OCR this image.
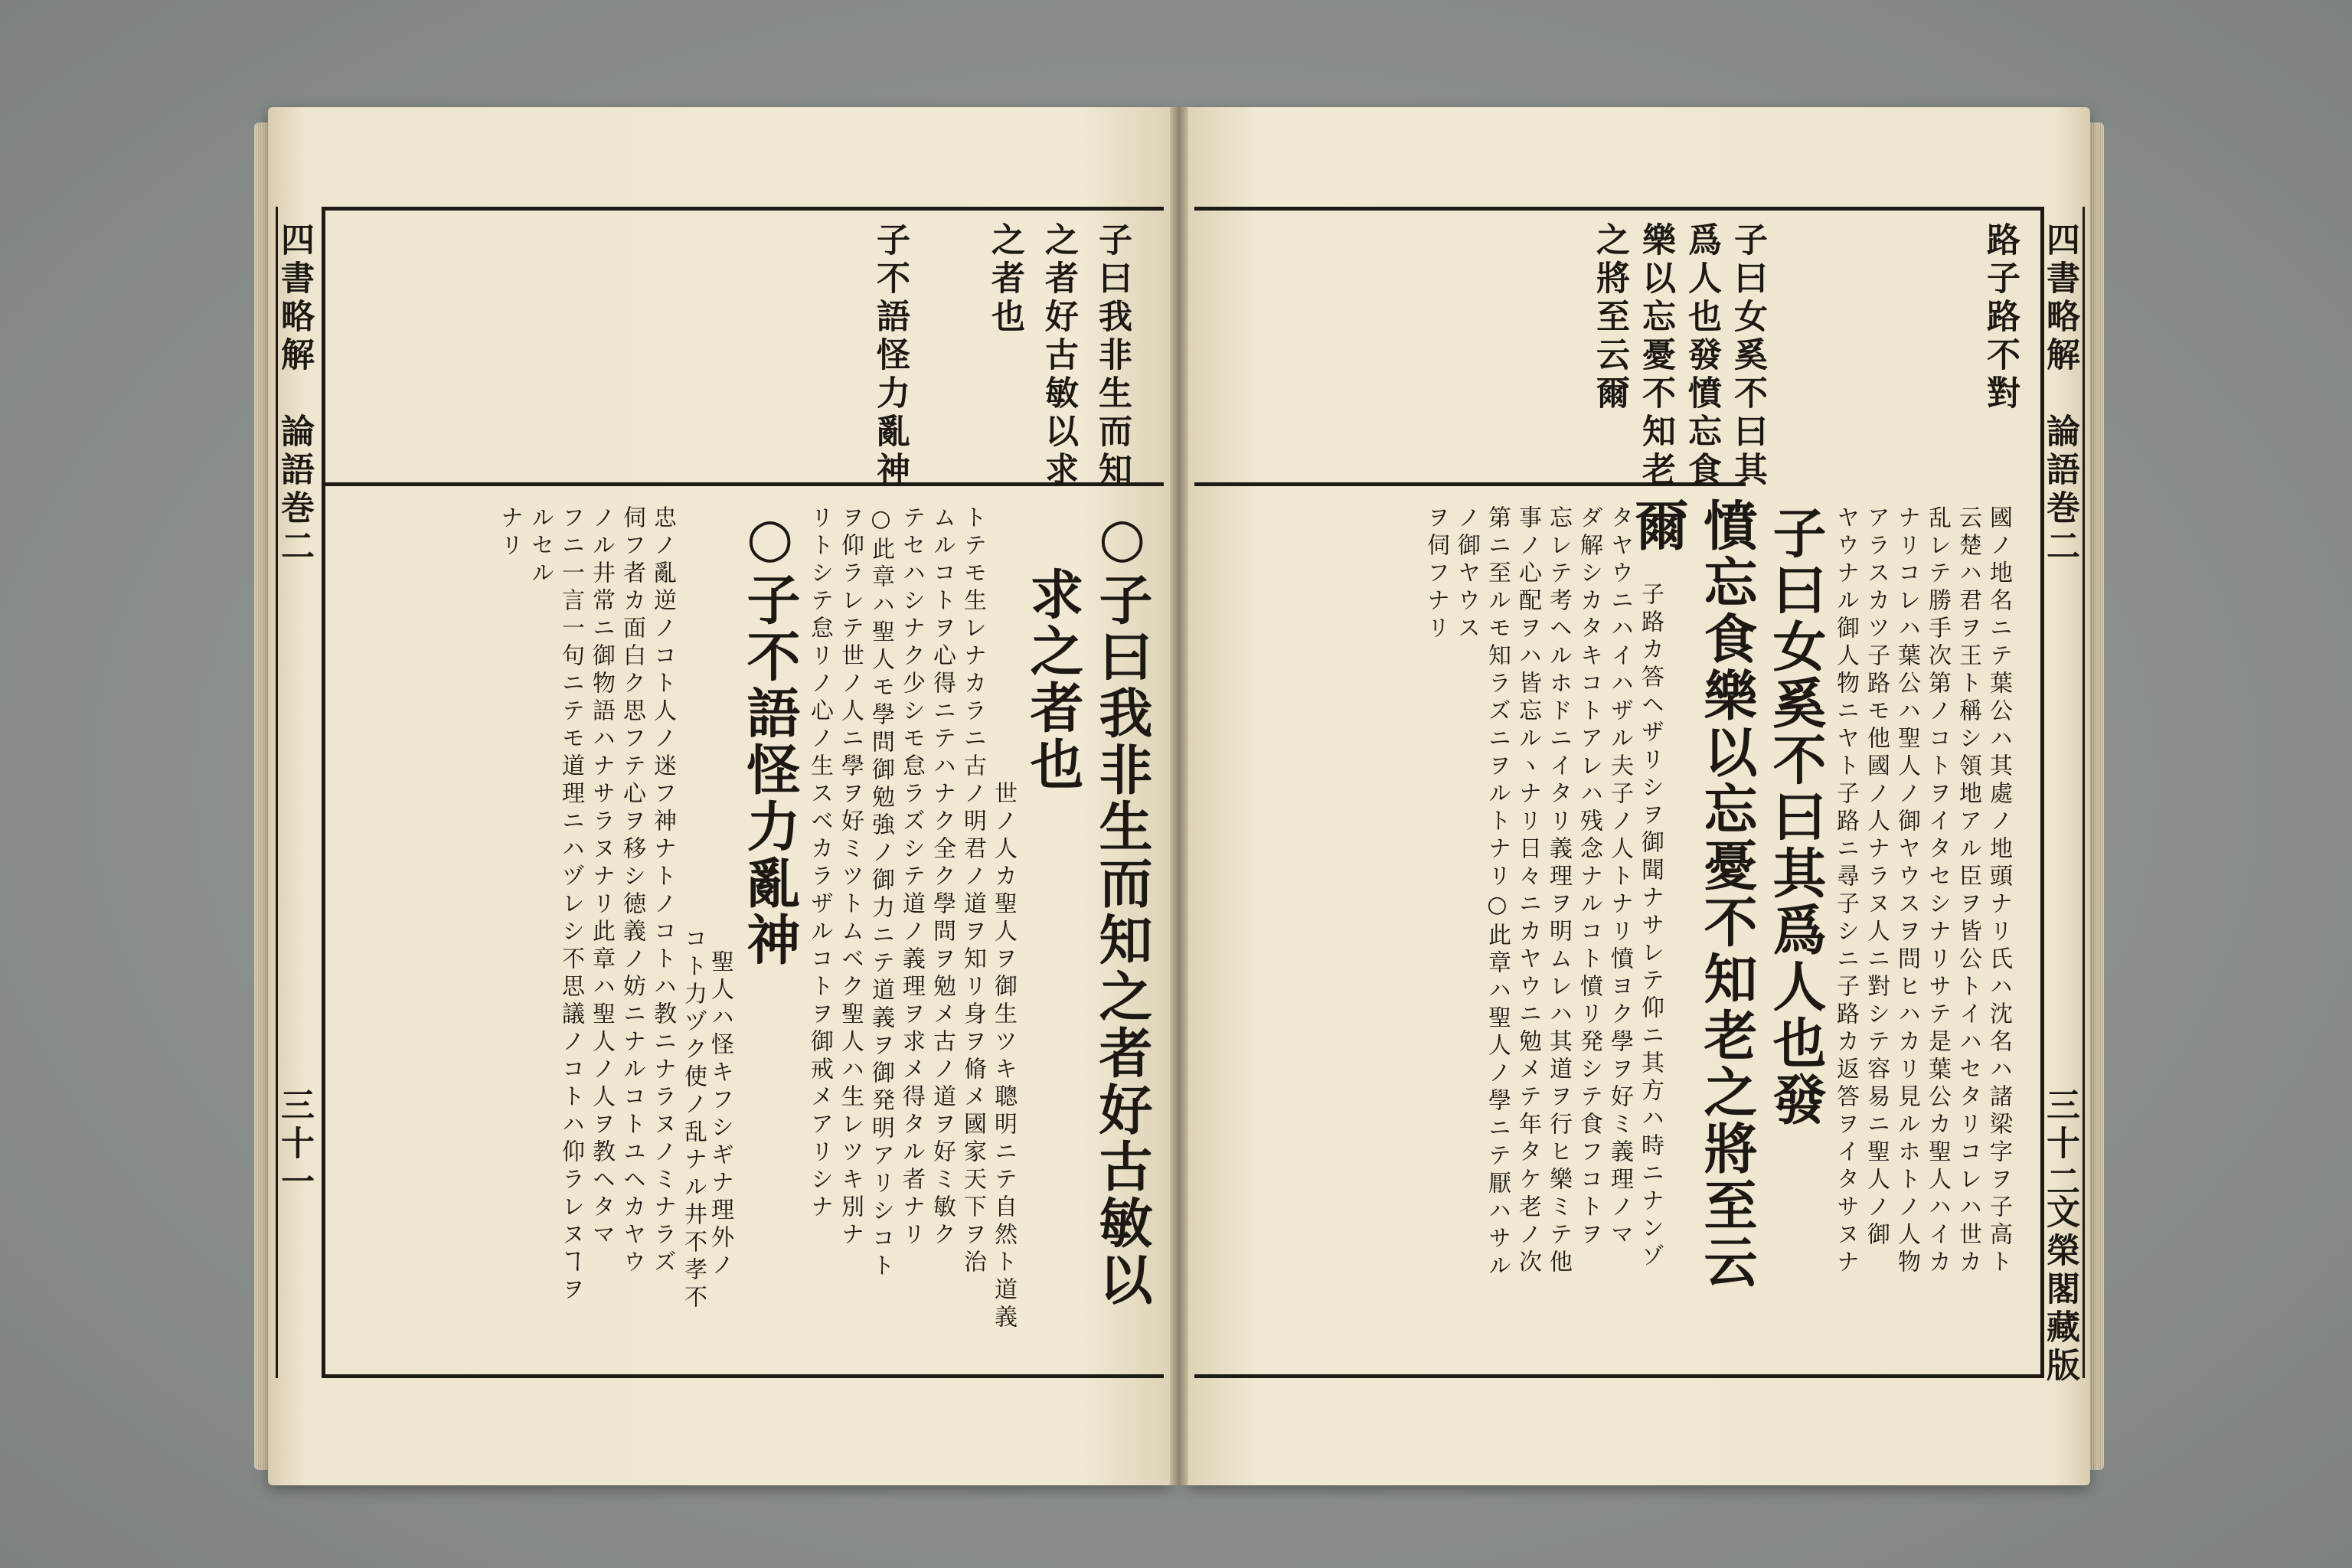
四書略解
論語巻二
三十一
子曰我非生而知
之者好古敏以求
之者也
子不語怪力亂神
○子曰我非生而知之者好古敏以
求之者也
世ノ人カ聖人ヲ御生ツキ聰明ニテ自然ト道義
トテモ生レナカラニ古ノ明君ノ道ヲ知リ身ヲ脩メ國家天下ヲ治
ムルコトヲ心得ニテハナク全ク學問ヲ勉メ古ノ道ヲ好ミ敏ク
テセハシナク少シモ怠ラズシテ道ノ義理ヲ求メ得タル者ナリ
○此章ハ聖人モ學問御勉強ノ御力ニテ道義ヲ御発明アリシコト
ヲ仰ラレテ世ノ人ニ學ヲ好ミツトムベク聖人ハ生レツキ別ナ
リトシテ怠リノ心ノ生スベカラザルコトヲ御戒メアリシナ
○子不語怪力亂神
聖人ハ怪キフシギナ理外ノ
コト力ヅク使ノ乱ナル井不孝不
忠ノ亂逆ノコト人ノ迷フ神ナトノコトハ教ニナラヌノミナラズ
伺フ者カ面白ク思フテ心ヲ移シ徳義ノ妨ニナルコトユヘカヤウ
ノル井常ニ御物語ハナサラヌナリ此章ハ聖人ノ人ヲ教ヘタマ
フニ一言一句ニテモ道理ニハヅレシ不思議ノコトハ仰ラレヌヿヲ
ルセル
ナリ
四書略解
論語巻二
三十二
文榮閣藏版
路子路不對
子曰女奚不曰其
爲人也發憤忘食
樂以忘憂不知老
之將至云爾
國ノ地名ニテ葉公ハ其處ノ地頭ナリ氏ハ沈名ハ諸梁字ヲ子高ト
云楚ハ君ヲ王ト稱シ領地アル臣ヲ皆公トイハセタリコレハ世カ
乱レテ勝手次第ノコトヲイタセシナリサテ是葉公カ聖人ハイカ
ナリコレハ葉公ハ聖人ノ御ヤウスヲ問ヒハカリ見ルホトノ人物
アラスカツ子路モ他國ノ人ナラヌ人ニ對シテ容易ニ聖人ノ御
ヤウナル御人物ニヤト子路ニ尋子シニ子路カ返答ヲイタサヌナ
子曰女奚不曰其爲人也發
憤忘食樂以忘憂不知老之將至云
爾
子路カ答ヘザリシヲ御聞ナサレテ仰ニ其方ハ時ニナンゾ
タヤウニハイハザル夫子ノ人トナリ憤ヨク學ヲ好ミ義理ノマ
ダ解シカタキコトアレハ残念ナルコト憤リ発シテ食フコトヲ
忘レテ考ヘルホドニイタリ義理ヲ明ムレハ其道ヲ行ヒ樂ミテ他
事ノ心配ヲハ皆忘ルヽナリ日々ニカヤウニ勉メテ年タケ老ノ次
第ニ至ルモ知ラズニヲルトナリ○此章ハ聖人ノ學ニテ厭ハサル
ノ御ヤウス
ヲ伺フナリ
